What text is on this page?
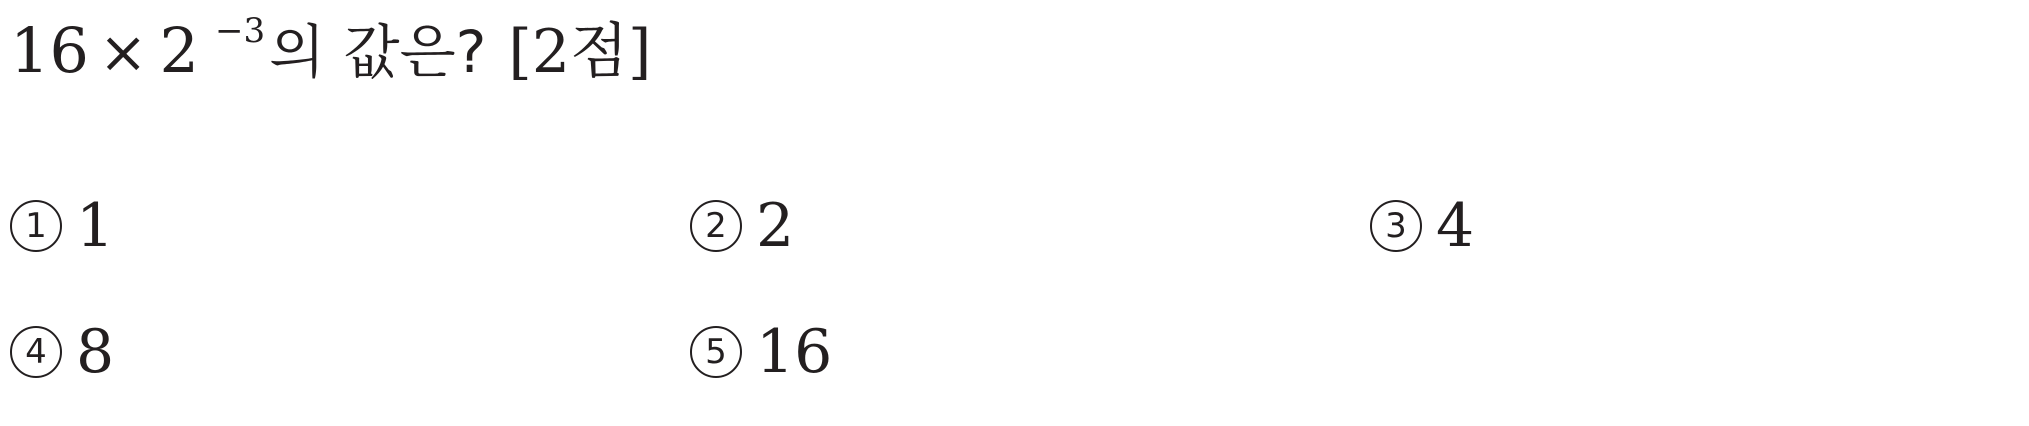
16 × 2 −3 의 값은? [2점]
1 1	2 2	3 4
4 8	5 16
